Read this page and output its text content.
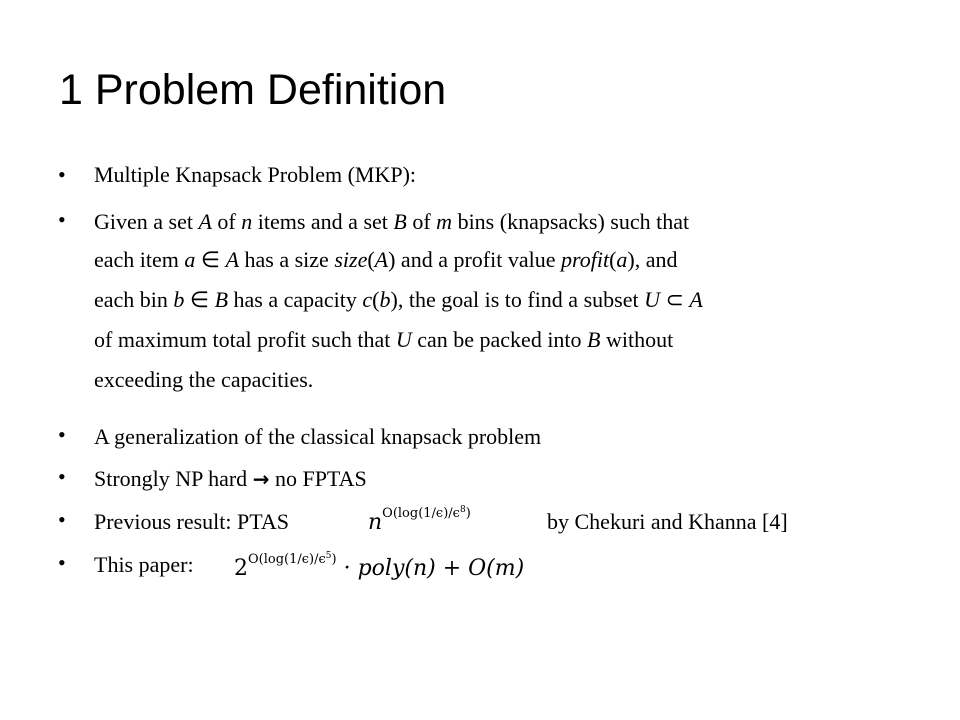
1 Problem Definition
•	Multiple Knapsack Problem (MKP):
•	Given a set A of n items and a set B of m bins (knapsacks) such that
each item a ∈ A has a size size(A) and a profit value profit(a), and
each bin b ∈ B has a capacity c(b), the goal is to find a subset U ⊂ A
of maximum total profit such that U can be packed into B without
exceeding the capacities.
•	A generalization of the classical knapsack problem
•	Strongly NP hard → no FPTAS
•	Previous result: PTAS	$n^{O(log(1/\epsilon)/\epsilon^8)}$	by Chekuri and Khanna [4]
•	This paper: $2^{O(log(1/\epsilon)/\epsilon^5)}$ · poly(n) + O(m)
